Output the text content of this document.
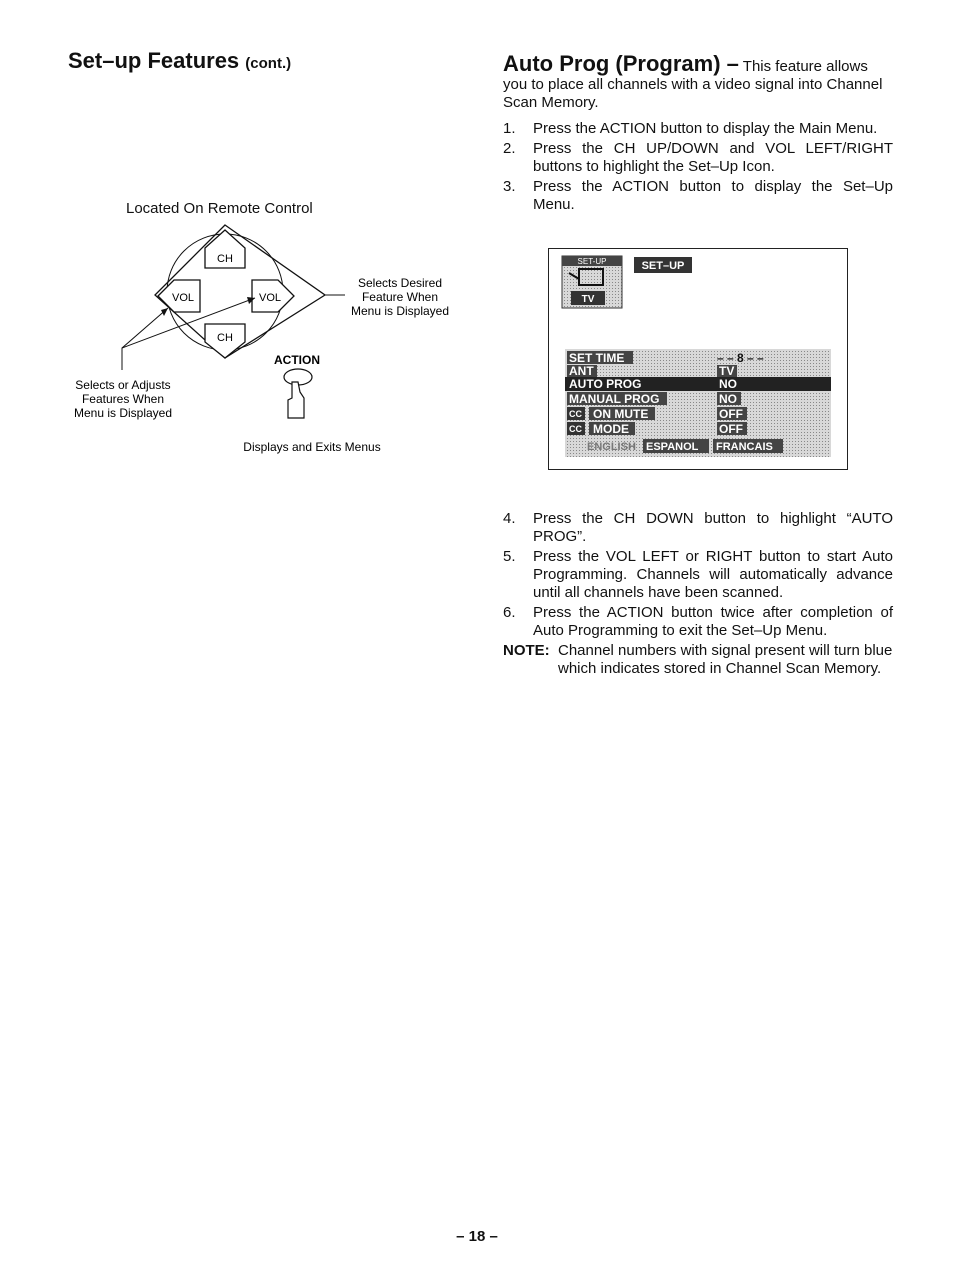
Set–up Features (cont.)
Located On Remote Control
CH
CH
VOL	VOL
Selects Desired
Feature When
Menu is Displayed
ACTION
Selects or Adjusts
Features When
Menu is Displayed
Displays and Exits Menus
Auto Prog (Program) – This feature allows you to place all channels with a video signal into Channel Scan Memory.
1.	Press the ACTION button to display the Main Menu.
2.	Press the CH UP/DOWN and VOL LEFT/RIGHT buttons to highlight the Set–Up Icon.
3.	Press the ACTION button to display the Set–Up Menu.
SET-UP
TV
SET–UP
SET TIME	– – 8 – –
ANT	TV
AUTO PROG	NO
MANUAL PROG	NO
CC ON MUTE	OFF
CC MODE	OFF
ENGLISH ESPANOL FRANCAIS
4.	Press the CH DOWN button to highlight “AUTO PROG”.
5.	Press the VOL LEFT or RIGHT button to start Auto Programming. Channels will automatically advance until all channels have been scanned.
6.	Press the ACTION button twice after completion of Auto Programming to exit the Set–Up Menu.
NOTE: Channel numbers with signal present will turn blue which indicates stored in Channel Scan Memory.
– 18 –
